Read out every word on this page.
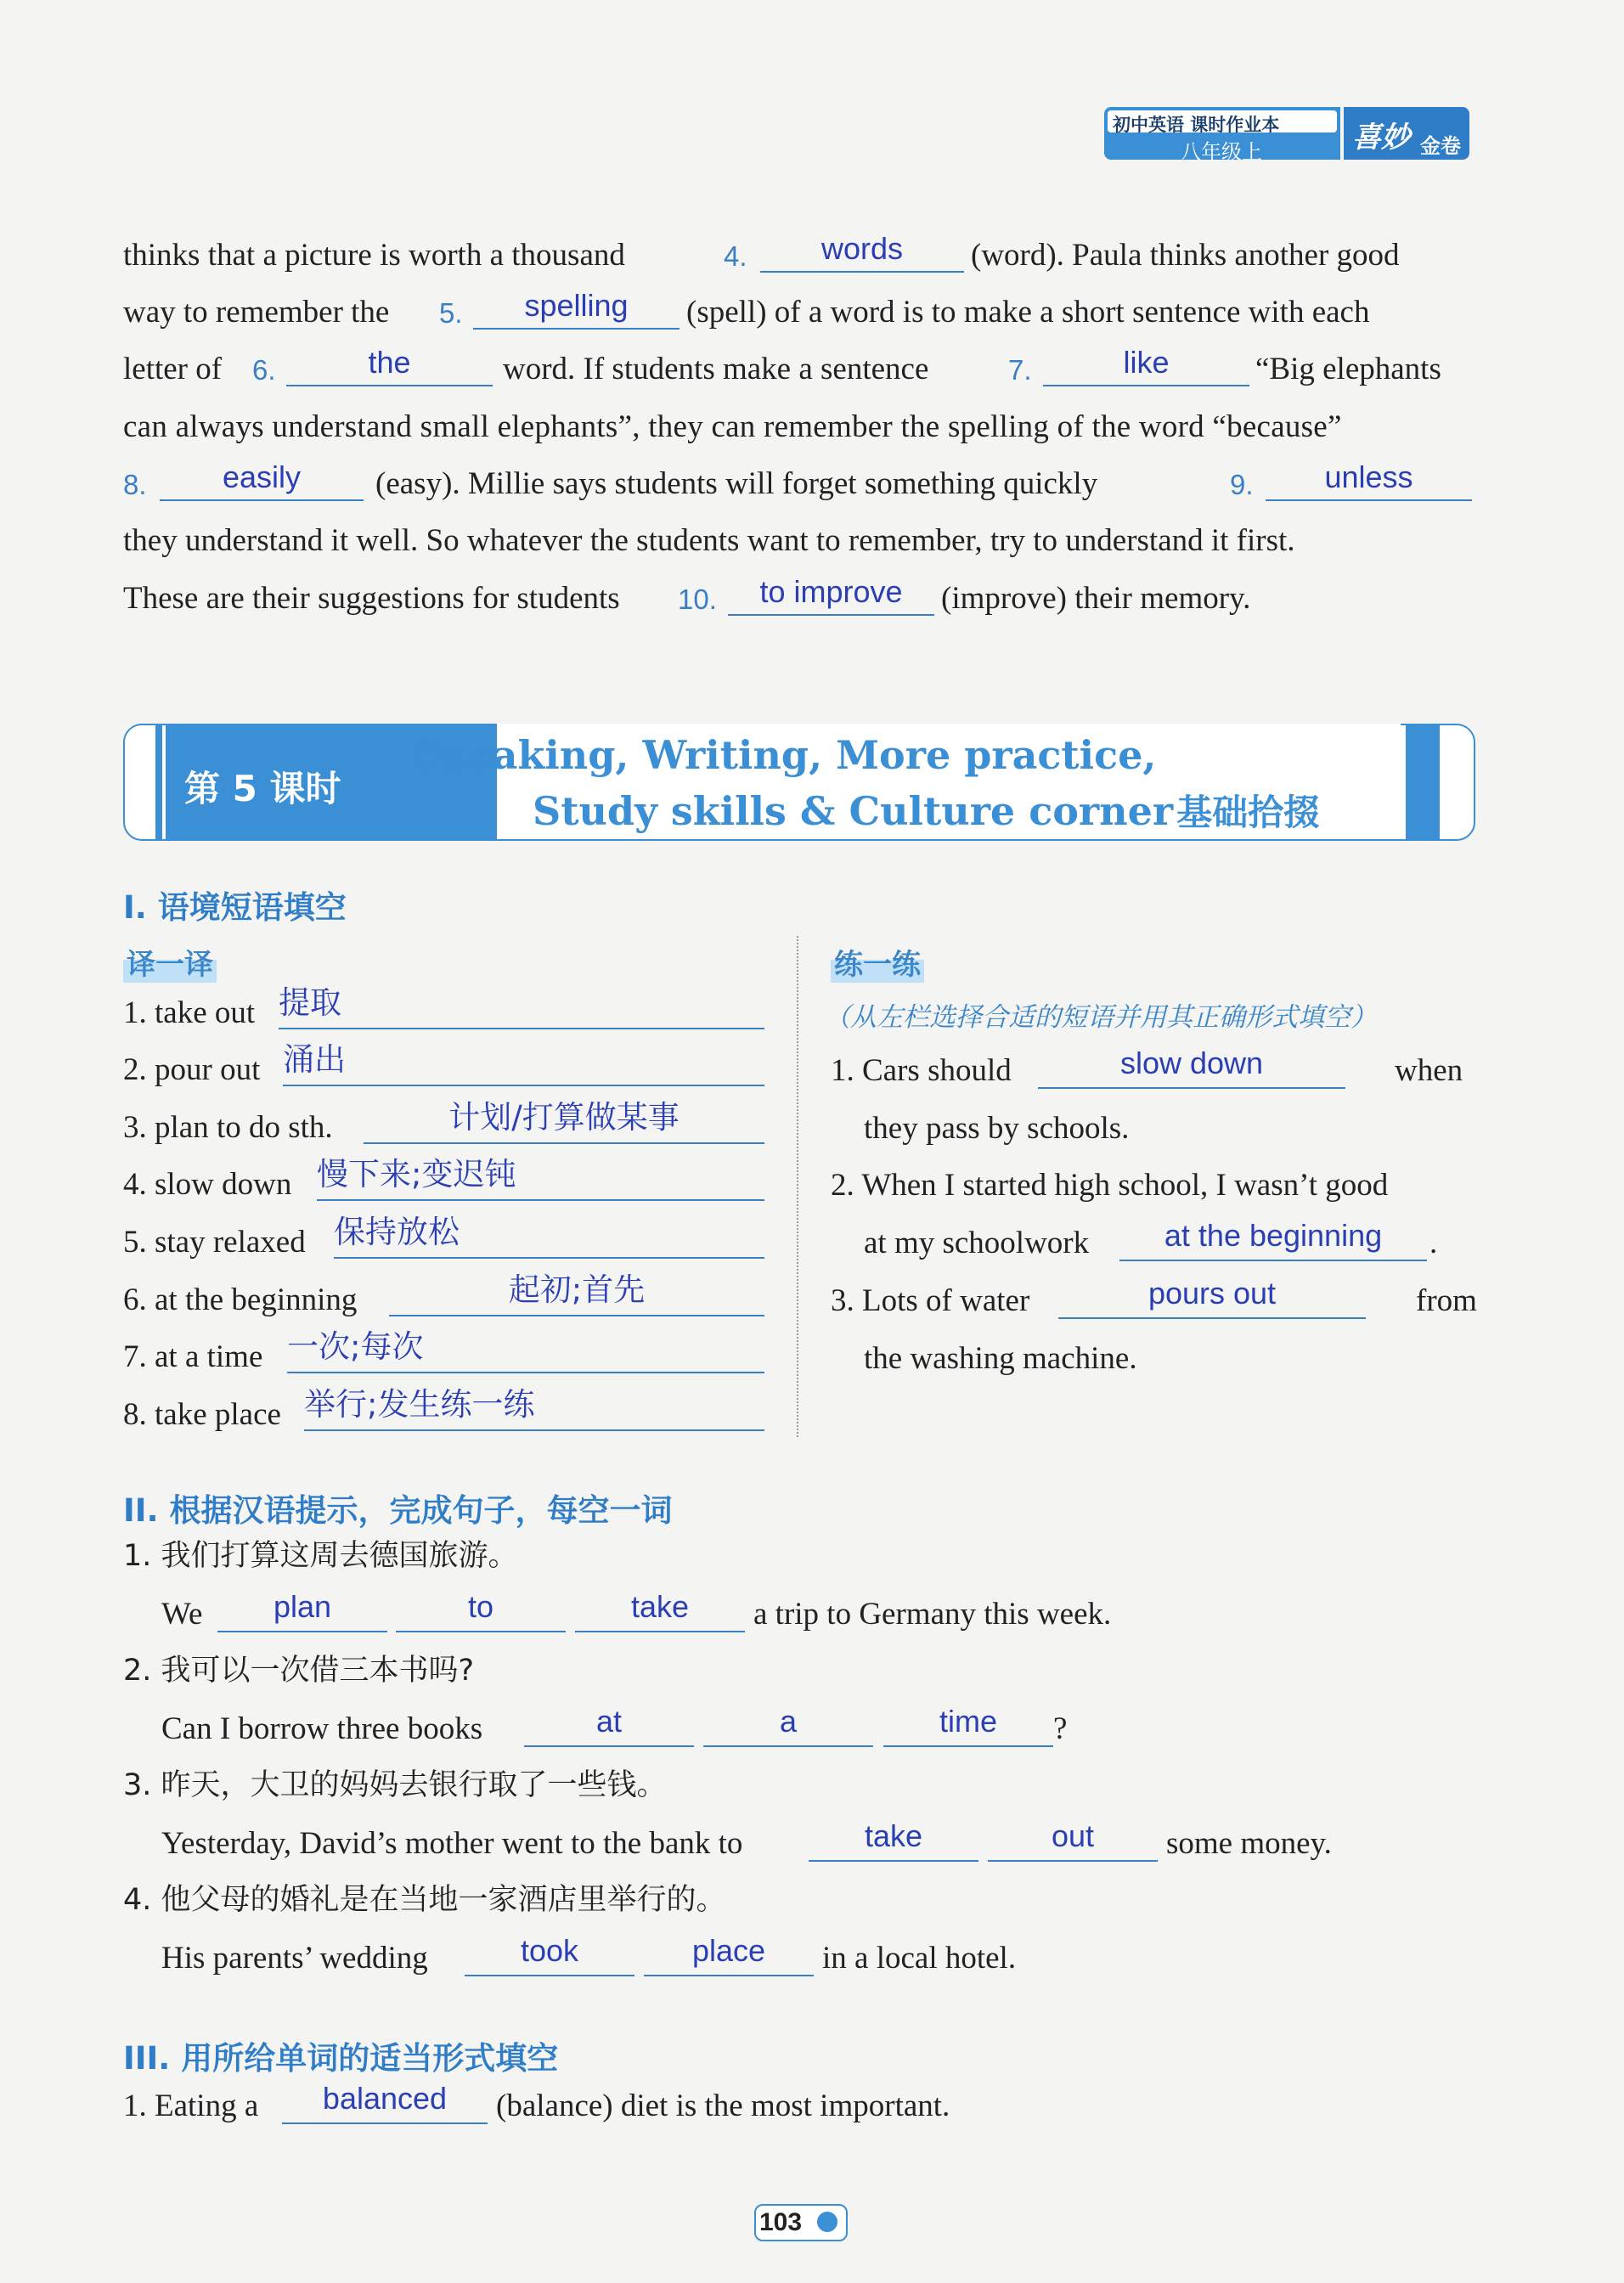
初中英语 课时作业本
八年级上	喜妙 金卷
thinks that a picture is worth a thousand	4.	words	(word). Paula thinks another good
way to remember the 5.	spelling	(spell) of a word is to make a short sentence with each
letter of 6.	the	word. If students make a sentence	7.	like	“Big elephants
can always understand small elephants”, they can remember the spelling of the word “because”
8.	easily	(easy). Millie says students will forget something quickly	9.	unless
they understand it well. So whatever the students want to remember, try to understand it first.
These are their suggestions for students 10.	to improve	(improve) their memory.
第 5 课时
Speaking, Writing, More practice,
Study skills & Culture corner 基础拾掇
I. 语境短语填空
译一译
1. take out 提取
2. pour out 涌出
3. plan to do sth.	计划/打算做某事
4. slow down 慢下来;变迟钝
5. stay relaxed 保持放松
6. at the beginning	起初;首先
7. at a time 一次;每次
8. take place 举行;发生练一练
练一练
（从左栏选择合适的短语并用其正确形式填空）
1. Cars should	slow down	when
they pass by schools.
2. When I started high school, I wasn’t good
at my schoolwork	at the beginning	.
3. Lots of water	pours out	from
the washing machine.
II. 根据汉语提示，完成句子，每空一词
1. 我们打算这周去德国旅游。
We	plan	to	take	a trip to Germany this week.
2. 我可以一次借三本书吗?
Can I borrow three books	at	a	time	?
3. 昨天，大卫的妈妈去银行取了一些钱。
Yesterday, David’s mother went to the bank to	take	out	some money.
4. 他父母的婚礼是在当地一家酒店里举行的。
His parents’ wedding	took	place	in a local hotel.
III. 用所给单词的适当形式填空
1. Eating a	balanced	(balance) diet is the most important.
103
